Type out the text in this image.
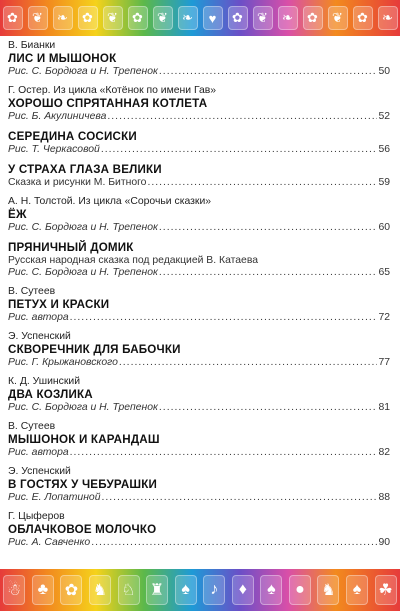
✿	❦	❧	✿	❦	✿	❦	❧	♥	✿	❦	❧	✿	❦	✿	❧
В. Бианки
ЛИС И МЫШОНОК
Рис. С. Бордюга и Н. Трепенок .....	50
Г. Остер. Из цикла «Котёнок по имени Гав»
ХОРОШО СПРЯТАННАЯ КОТЛЕТА
Рис. Б. Акулиничева .....	52
СЕРЕДИНА СОСИСКИ
Рис. Т. Черкасовой .....	56
У СТРАХА ГЛАЗА ВЕЛИКИ
Сказка и рисунки М. Битного .....	59
А. Н. Толстой. Из цикла «Сорочьи сказки»
ЁЖ
Рис. С. Бордюга и Н. Трепенок .....	60
ПРЯНИЧНЫЙ ДОМИК
Русская народная сказка под редакцией В. Катаева
Рис. С. Бордюга и Н. Трепенок .....	65
В. Сутеев
ПЕТУХ И КРАСКИ
Рис. автора .....	72
Э. Успенский
СКВОРЕЧНИК ДЛЯ БАБОЧКИ
Рис. Г. Крыжановского .....	77
К. Д. Ушинский
ДВА КОЗЛИКА
Рис. С. Бордюга и Н. Трепенок .....	81
В. Сутеев
МЫШОНОК И КАРАНДАШ
Рис. автора .....	82
Э. Успенский
В ГОСТЯХ У ЧЕБУРАШКИ
Рис. Е. Лопатиной .....	88
Г. Цыферов
ОБЛАЧКОВОЕ МОЛОЧКО
Рис. А. Савченко .....	90
☃	♣	✿ ♞ ♘ ♜	♠	♪	♦	♠	●	♞	♠	☘
